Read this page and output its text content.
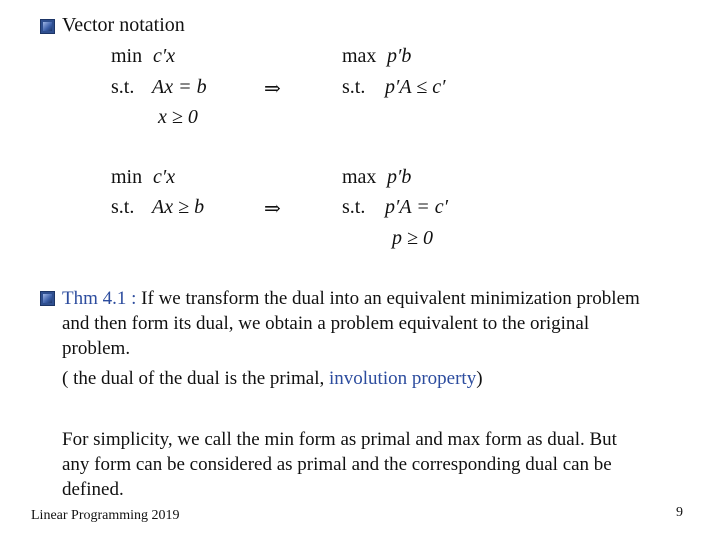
Vector notation
min c′x
s.t. Ax = b
x ≥ 0
⇒
max p′b
s.t. p′A ≤ c′
min c′x
s.t. Ax ≥ b	⇒
max p′b
s.t. p′A = c′
p ≥ 0
Thm 4.1 : If we transform the dual into an equivalent minimization problem
and then form its dual, we obtain a problem equivalent to the original
problem.
( the dual of the dual is the primal, involution property)
For simplicity, we call the min form as primal and max form as dual. But
any form can be considered as primal and the corresponding dual can be
defined.
Linear Programming 2019	9
